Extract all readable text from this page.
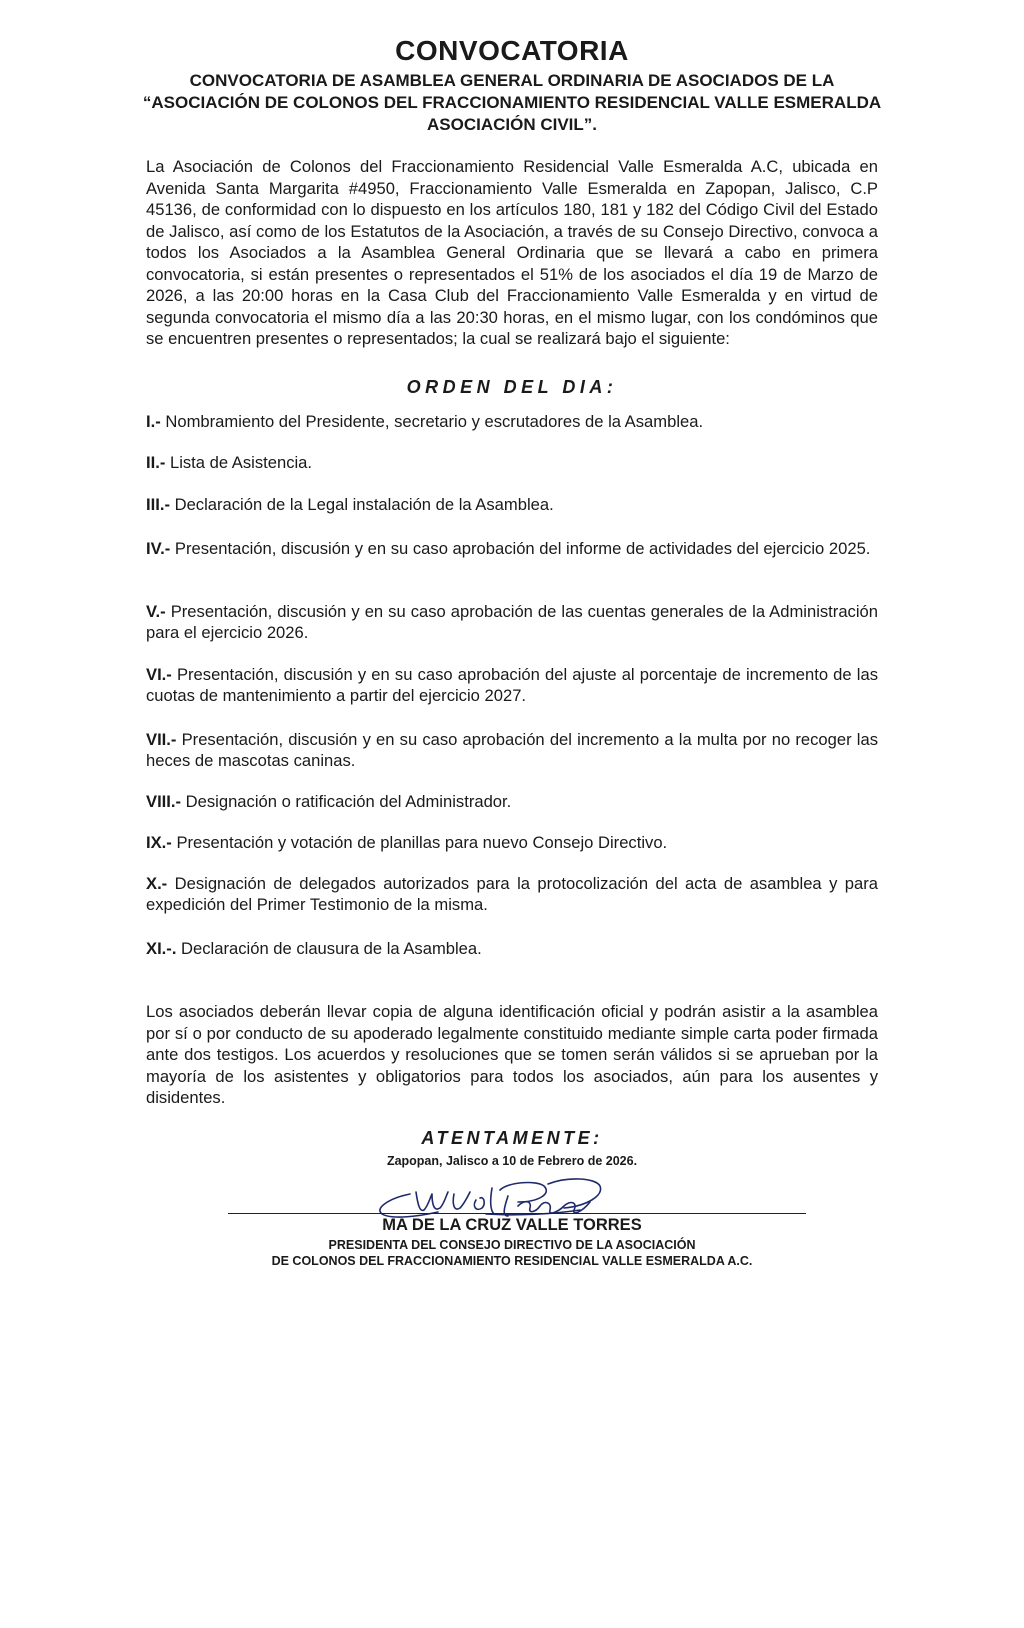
CONVOCATORIA
CONVOCATORIA DE ASAMBLEA GENERAL ORDINARIA DE ASOCIADOS DE LA “ASOCIACIÓN DE COLONOS DEL FRACCIONAMIENTO RESIDENCIAL VALLE ESMERALDA ASOCIACIÓN CIVIL”.
La Asociación de Colonos del Fraccionamiento Residencial Valle Esmeralda A.C, ubicada en Avenida Santa Margarita #4950, Fraccionamiento Valle Esmeralda en Zapopan, Jalisco, C.P 45136, de conformidad con lo dispuesto en los artículos 180, 181 y 182 del Código Civil del Estado de Jalisco, así como de los Estatutos de la Asociación, a través de su Consejo Directivo, convoca a todos los Asociados a la Asamblea General Ordinaria que se llevará a cabo en primera convocatoria, si están presentes o representados el 51% de los asociados el día 19 de Marzo de 2026, a las 20:00 horas en la Casa Club del Fraccionamiento Valle Esmeralda y en virtud de segunda convocatoria el mismo día a las 20:30 horas, en el mismo lugar, con los condóminos que se encuentren presentes o representados; la cual se realizará bajo el siguiente:
ORDEN DEL DIA:
I.- Nombramiento del Presidente, secretario y escrutadores de la Asamblea.
II.- Lista de Asistencia.
III.- Declaración de la Legal instalación de la Asamblea.
IV.- Presentación, discusión y en su caso aprobación del informe de actividades del ejercicio 2025.
V.- Presentación, discusión y en su caso aprobación de las cuentas generales de la Administración para el ejercicio 2026.
VI.- Presentación, discusión y en su caso aprobación del ajuste al porcentaje de incremento de las cuotas de mantenimiento a partir del ejercicio 2027.
VII.- Presentación, discusión y en su caso aprobación del incremento a la multa por no recoger las heces de mascotas caninas.
VIII.- Designación o ratificación del Administrador.
IX.- Presentación y votación de planillas para nuevo Consejo Directivo.
X.- Designación de delegados autorizados para la protocolización del acta de asamblea y para expedición del Primer Testimonio de la misma.
XI.-. Declaración de clausura de la Asamblea.
Los asociados deberán llevar copia de alguna identificación oficial y podrán asistir a la asamblea por sí o por conducto de su apoderado legalmente constituido mediante simple carta poder firmada ante dos testigos. Los acuerdos y resoluciones que se tomen serán válidos si se aprueban por la mayoría de los asistentes y obligatorios para todos los asociados, aún para los ausentes y disidentes.
ATENTAMENTE:
Zapopan, Jalisco a 10 de Febrero de 2026.
MA DE LA CRUZ VALLE TORRES
PRESIDENTA DEL CONSEJO DIRECTIVO DE LA ASOCIACIÓN
DE COLONOS DEL FRACCIONAMIENTO RESIDENCIAL VALLE ESMERALDA A.C.
